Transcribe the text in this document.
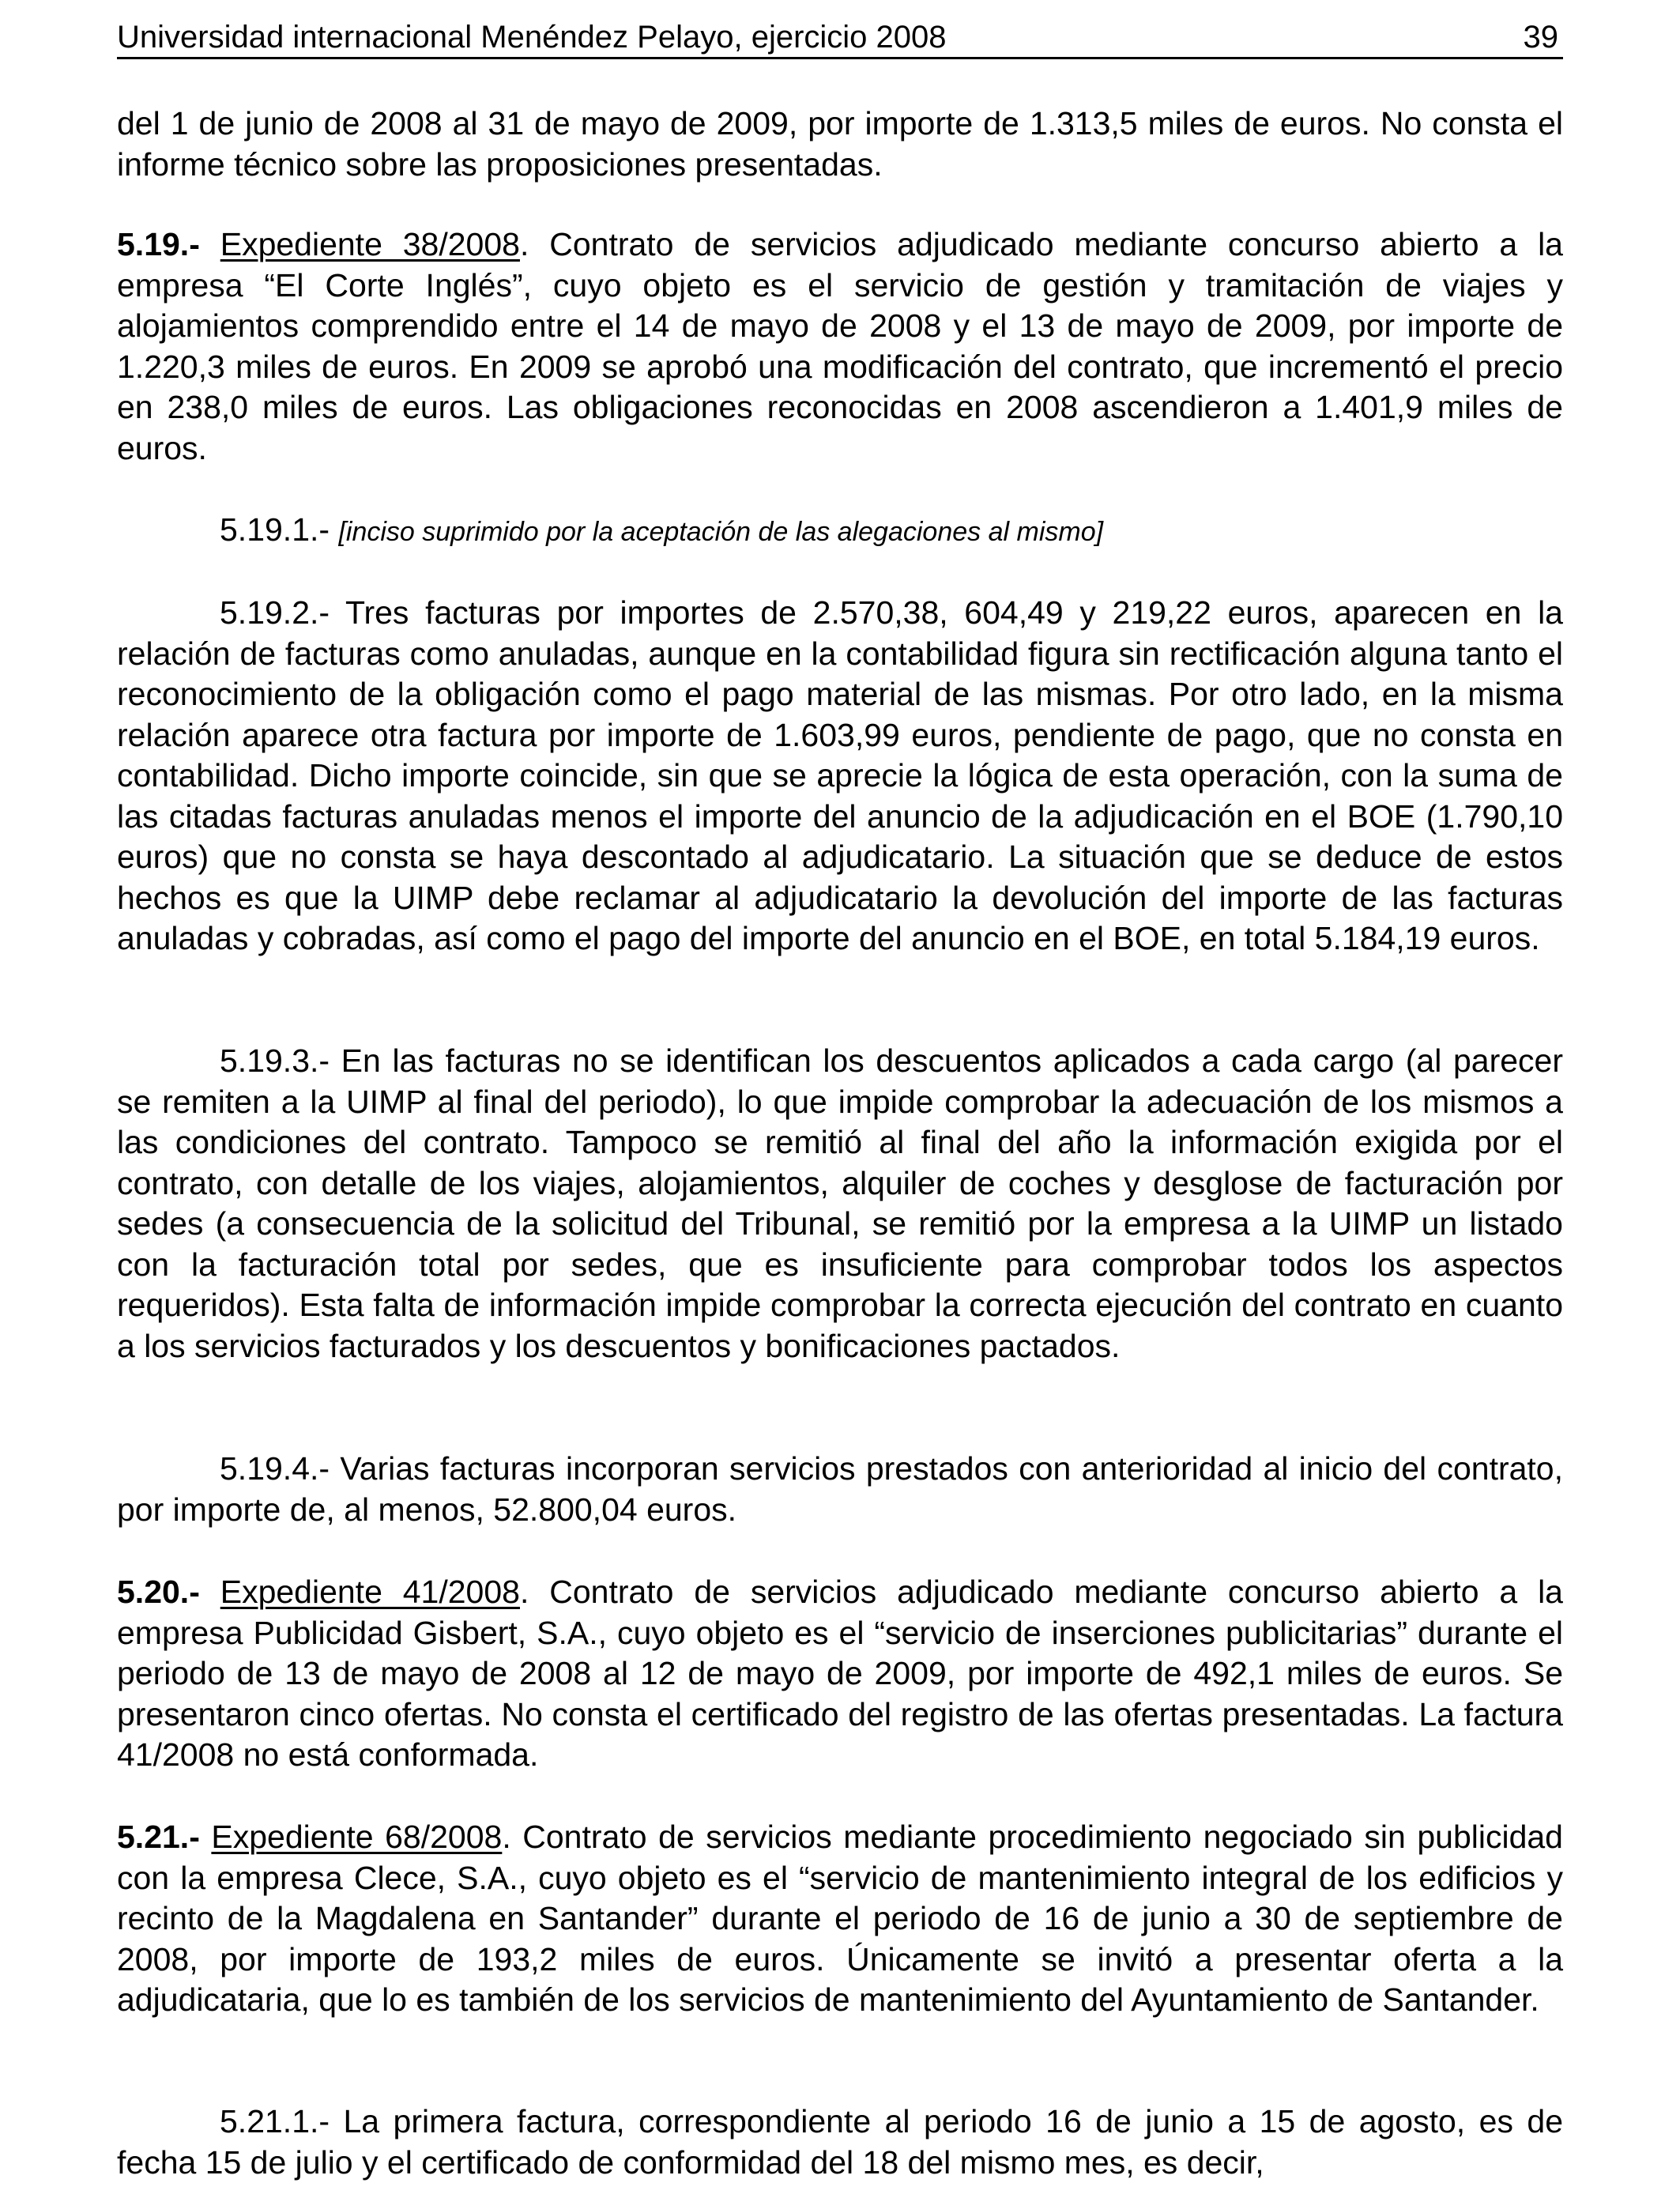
Universidad internacional Menéndez Pelayo, ejercicio 2008	39

del 1 de junio de 2008 al 31 de mayo de 2009, por importe de 1.313,5 miles de euros. No consta el informe técnico sobre las proposiciones presentadas.

5.19.- Expediente 38/2008. Contrato de servicios adjudicado mediante concurso abierto a la empresa “El Corte Inglés”, cuyo objeto es el servicio de gestión y tramitación de viajes y alojamientos comprendido entre el 14 de mayo de 2008 y el 13 de mayo de 2009, por importe de 1.220,3 miles de euros. En 2009 se aprobó una modificación del contrato, que incrementó el precio en 238,0 miles de euros. Las obligaciones reconocidas en 2008 ascendieron a 1.401,9 miles de euros.

5.19.1.- [inciso suprimido por la aceptación de las alegaciones al mismo]

5.19.2.- Tres facturas por importes de 2.570,38, 604,49 y 219,22 euros, aparecen en la relación de facturas como anuladas, aunque en la contabilidad figura sin rectificación alguna tanto el reconocimiento de la obligación como el pago material de las mismas. Por otro lado, en la misma relación aparece otra factura por importe de 1.603,99 euros, pendiente de pago, que no consta en contabilidad. Dicho importe coincide, sin que se aprecie la lógica de esta operación, con la suma de las citadas facturas anuladas menos el importe del anuncio de la adjudicación en el BOE (1.790,10 euros) que no consta se haya descontado al adjudicatario. La situación que se deduce de estos hechos es que la UIMP debe reclamar al adjudicatario la devolución del importe de las facturas anuladas y cobradas, así como el pago del importe del anuncio en el BOE, en total 5.184,19 euros.

5.19.3.- En las facturas no se identifican los descuentos aplicados a cada cargo (al parecer se remiten a la UIMP al final del periodo), lo que impide comprobar la adecuación de los mismos a las condiciones del contrato. Tampoco se remitió al final del año la información exigida por el contrato, con detalle de los viajes, alojamientos, alquiler de coches y desglose de facturación por sedes (a consecuencia de la solicitud del Tribunal, se remitió por la empresa a la UIMP un listado con la facturación total por sedes, que es insuficiente para comprobar todos los aspectos requeridos). Esta falta de información impide comprobar la correcta ejecución del contrato en cuanto a los servicios facturados y los descuentos y bonificaciones pactados.

5.19.4.- Varias facturas incorporan servicios prestados con anterioridad al inicio del contrato, por importe de, al menos, 52.800,04 euros.

5.20.- Expediente 41/2008. Contrato de servicios adjudicado mediante concurso abierto a la empresa Publicidad Gisbert, S.A., cuyo objeto es el “servicio de inserciones publicitarias” durante el periodo de 13 de mayo de 2008 al 12 de mayo de 2009, por importe de 492,1 miles de euros. Se presentaron cinco ofertas. No consta el certificado del registro de las ofertas presentadas. La factura 41/2008 no está conformada.

5.21.- Expediente 68/2008. Contrato de servicios mediante procedimiento negociado sin publicidad con la empresa Clece, S.A., cuyo objeto es el “servicio de mantenimiento integral de los edificios y recinto de la Magdalena en Santander” durante el periodo de 16 de junio a 30 de septiembre de 2008, por importe de 193,2 miles de euros. Únicamente se invitó a presentar oferta a la adjudicataria, que lo es también de los servicios de mantenimiento del Ayuntamiento de Santander.

5.21.1.- La primera factura, correspondiente al periodo 16 de junio a 15 de agosto, es de fecha 15 de julio y el certificado de conformidad del 18 del mismo mes, es decir,
